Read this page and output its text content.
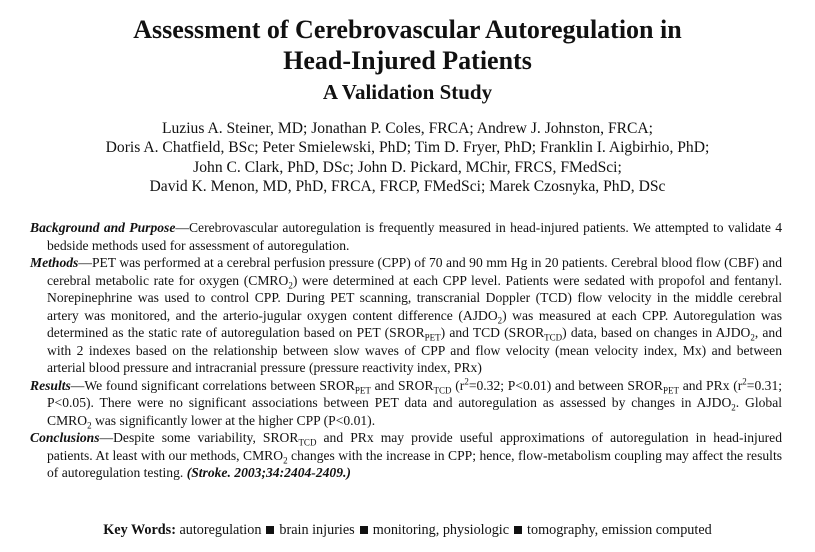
Assessment of Cerebrovascular Autoregulation in
Head-Injured Patients
A Validation Study
Luzius A. Steiner, MD; Jonathan P. Coles, FRCA; Andrew J. Johnston, FRCA;
Doris A. Chatfield, BSc; Peter Smielewski, PhD; Tim D. Fryer, PhD; Franklin I. Aigbirhio, PhD;
John C. Clark, PhD, DSc; John D. Pickard, MChir, FRCS, FMedSci;
David K. Menon, MD, PhD, FRCA, FRCP, FMedSci; Marek Czosnyka, PhD, DSc

Background and Purpose—Cerebrovascular autoregulation is frequently measured in head-injured patients. We attempted to validate 4 bedside methods used for assessment of autoregulation.

Methods—PET was performed at a cerebral perfusion pressure (CPP) of 70 and 90 mm Hg in 20 patients. Cerebral blood flow (CBF) and cerebral metabolic rate for oxygen $(CMRO_2)$ were determined at each CPP level. Patients were sedated with propofol and fentanyl. Norepinephrine was used to control CPP. During PET scanning, transcranial Doppler (TCD) flow velocity in the middle cerebral artery was monitored, and the arterio-jugular oxygen content difference $(AJDO_2)$ was measured at each CPP. Autoregulation was determined as the static rate of autoregulation based on PET $(SROR_{PET})$ and TCD $(SROR_{TCD})$ data, based on changes in $AJDO_2$, and with 2 indexes based on the relationship between slow waves of CPP and flow velocity (mean velocity index, Mx) and between arterial blood pressure and intracranial pressure (pressure reactivity index, PRx)

Results—We found significant correlations between $SROR_{PET}$ and $SROR_{TCD}$ ($r^2=0.32$; P<0.01) and between $SROR_{PET}$ and PRx ($r^2=0.31$; P<0.05). There were no significant associations between PET data and autoregulation as assessed by changes in $AJDO_2$. Global $CMRO_2$ was significantly lower at the higher CPP (P<0.01).

Conclusions—Despite some variability, $SROR_{TCD}$ and PRx may provide useful approximations of autoregulation in head-injured patients. At least with our methods, $CMRO_2$ changes with the increase in CPP; hence, flow-metabolism coupling may affect the results of autoregulation testing. (Stroke. 2003;34:2404-2409.)

Key Words: autoregulation brain injuries monitoring, physiologic tomography, emission computed
